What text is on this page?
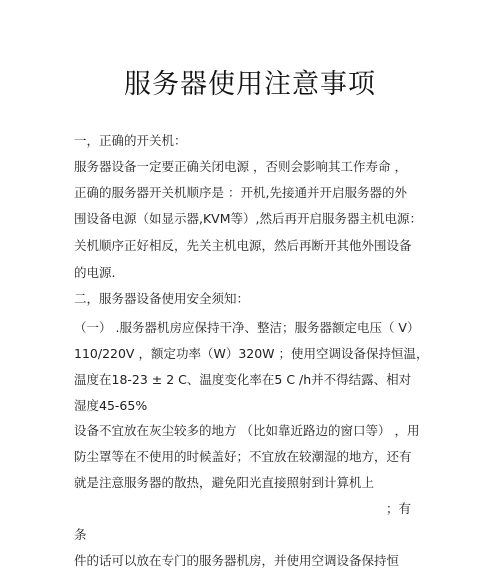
服务器使用注意事项
一，正确的开关机：
服务器设备一定要正确关闭电源 ，否则会影响其工作寿命 ，
正确的服务器开关机顺序是 ：开机,先接通并开启服务器的外
围设备电源（如显示器,KVM等）,然后再开启服务器主机电源：
关机顺序正好相反，先关主机电源，然后再断开其他外围设备
的电源.
二，服务器设备使用安全须知：
（一） .服务器机房应保持干净、整洁；服务器额定电压（ V）
110/220V ，额定功率（W）320W ；使用空调设备保持恒温，
温度在18-23 ± 2 C、温度变化率在5 C /h并不得结露、相对
湿度45-65%
设备不宜放在灰尘较多的地方 （比如靠近路边的窗口等） ，用
防尘罩等在不使用的时候盖好；不宜放在较潮湿的地方，还有
就是注意服务器的散热，避免阳光直接照射到计算机上
；有
条
件的话可以放在专门的服务器机房，并使用空调设备保持恒
